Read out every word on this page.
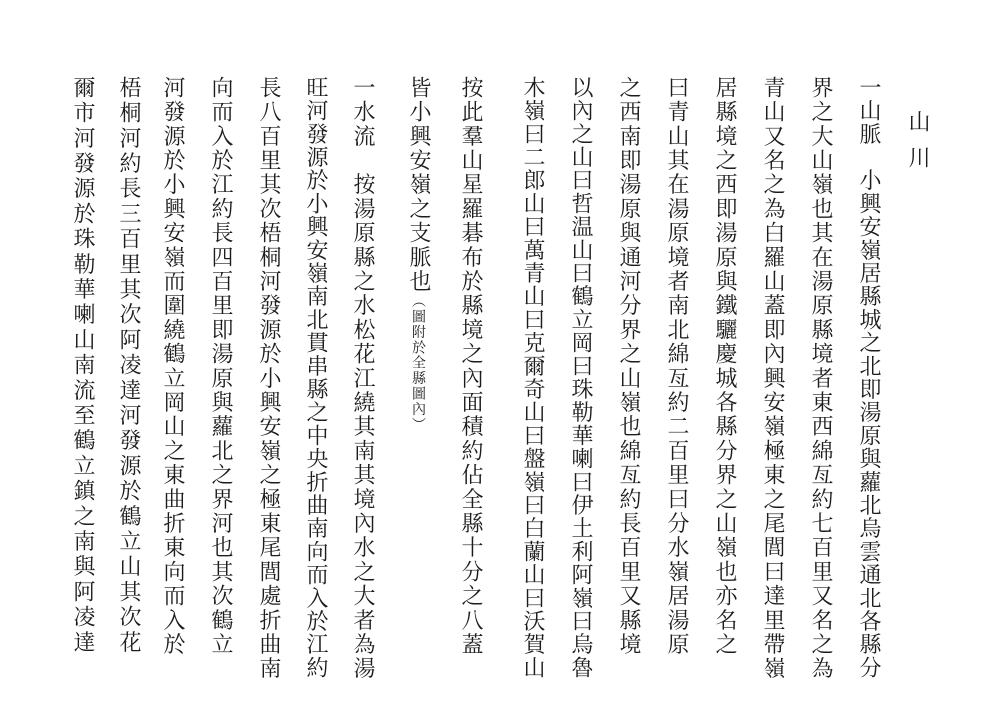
山川
一山脈　小興安嶺居縣城之北即湯原與蘿北烏雲通北各縣分
界之大山嶺也其在湯原縣境者東西綿亙約七百里又名之為
青山又名之為白羅山蓋即內興安嶺極東之尾閭曰達里帶嶺
居縣境之西即湯原與鐵驪慶城各縣分界之山嶺也亦名之
曰青山其在湯原境者南北綿亙約二百里曰分水嶺居湯原
之西南即湯原與通河分界之山嶺也綿亙約長百里又縣境
以內之山曰哲温山曰鶴立岡曰珠勒華喇曰伊土利阿嶺曰烏魯
木嶺曰二郎山曰萬青山曰克爾奇山曰盤嶺曰白蘭山曰沃賀山
按此羣山星羅碁布於縣境之內面積約佔全縣十分之八蓋
皆小興安嶺之支脈也（圖附於全縣圖內）
一水流　按湯原縣之水松花江繞其南其境內水之大者為湯
旺河發源於小興安嶺南北貫串縣之中央折曲南向而入於江約
長八百里其次梧桐河發源於小興安嶺之極東尾閭處折曲南
向而入於江約長四百里即湯原與蘿北之界河也其次鶴立
河發源於小興安嶺而圍繞鶴立岡山之東曲折東向而入於
梧桐河約長三百里其次阿凌達河發源於鶴立山其次花
爾市河發源於珠勒華喇山南流至鶴立鎮之南與阿凌達
